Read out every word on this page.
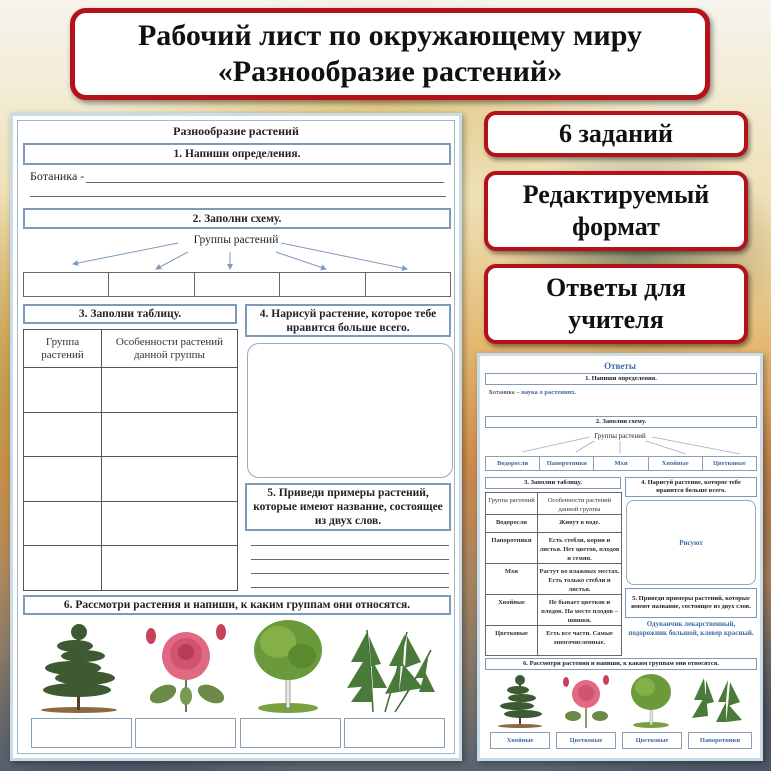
Рабочий лист по окружающему миру
«Разнообразие растений»
6 заданий
Редактируемый
формат
Ответы для
учителя
Разнообразие растений
1. Напиши определения.
Ботаника -
2. Заполни схему.
Группы растений
3. Заполни таблицу.
Группа растений	Особенности растений данной группы

4. Нарисуй растение, которое тебе нравится больше всего.
5. Приведи примеры растений, которые имеют название, состоящее из двух слов.
6. Рассмотри растения и напиши, к каким группам они относятся.
Ответы
1. Напиши определения.
Ботаника – наука о растениях.
2. Заполни схему.
Группы растений
Водоросли	Папоротники	Мхи	Хвойные	Цветковые
3. Заполни таблицу.
Группа растений	Особенности растений данной группы
Водоросли	Живут в воде.
Папоротники	Есть стебли, корни и листья. Нет цветов, плодов и семян.
Мхи	Растут во влажных местах. Есть только стебли и листья.
Хвойные	Не бывает цветков и плодов. На месте плодов – шишки.
Цветковые	Есть все части. Самые многочисленные.
4. Нарисуй растение, которое тебе нравится больше всего.
Рисуют
5. Приведи примеры растений, которые имеют название, состоящее из двух слов.
Одуванчик лекарственный, подорожник большой, клевер красный.
6. Рассмотри растения и напиши, к каким группам они относятся.
Хвойные	Цветковые	Цветковые	Папоротники
